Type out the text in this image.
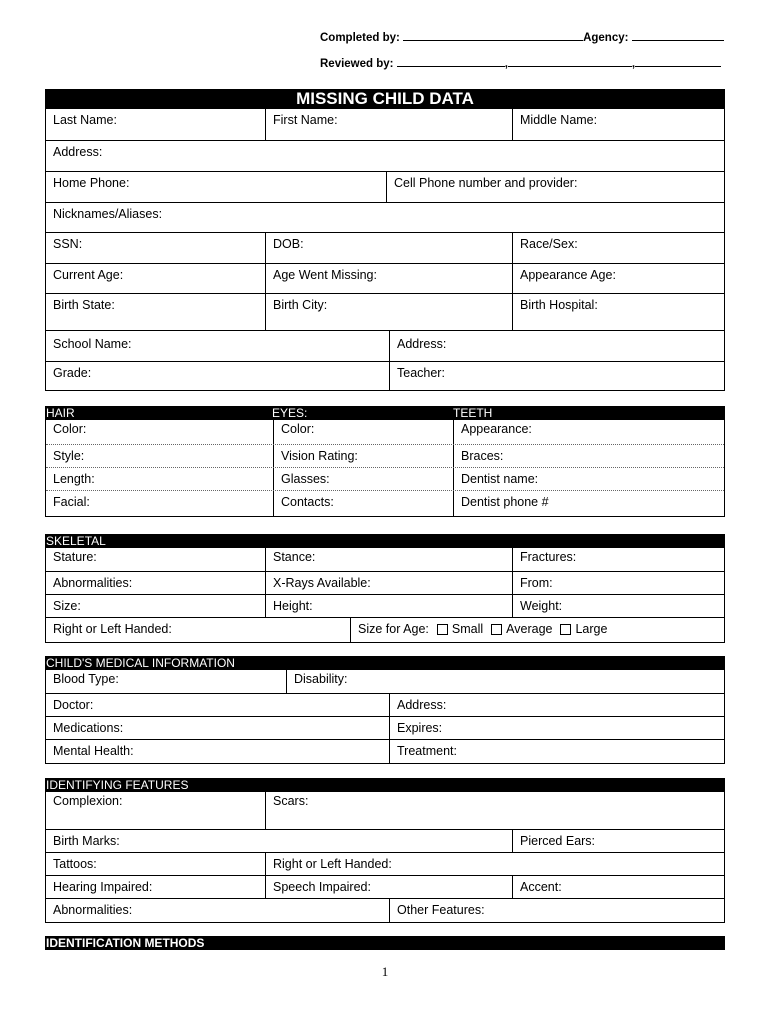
Completed by:	Agency:
Reviewed by:	,	,
MISSING CHILD DATA
Last Name:	First Name:	Middle Name:
Address:
Home Phone:	Cell Phone number and provider:
Nicknames/Aliases:
SSN:	DOB:	Race/Sex:
Current Age:	Age Went Missing:	Appearance Age:
Birth State:	Birth City:	Birth Hospital:
School Name:	Address:
Grade:	Teacher:
HAIR	EYES:	TEETH
Color:	Color:	Appearance:
Style:	Vision Rating:	Braces:
Length:	Glasses:	Dentist name:
Facial:	Contacts:	Dentist phone #
SKELETAL
Stature:	Stance:	Fractures:
Abnormalities:	X-Rays Available:	From:
Size:	Height:	Weight:
Right or Left Handed:	Size for Age: Small Average Large
CHILD'S MEDICAL INFORMATION
Blood Type:	Disability:
Doctor:	Address:
Medications:	Expires:
Mental Health:	Treatment:
IDENTIFYING FEATURES
Complexion:	Scars:
Birth Marks:	Pierced Ears:
Tattoos:	Right or Left Handed:
Hearing Impaired:	Speech Impaired:	Accent:
Abnormalities:	Other Features:
IDENTIFICATION METHODS
1
